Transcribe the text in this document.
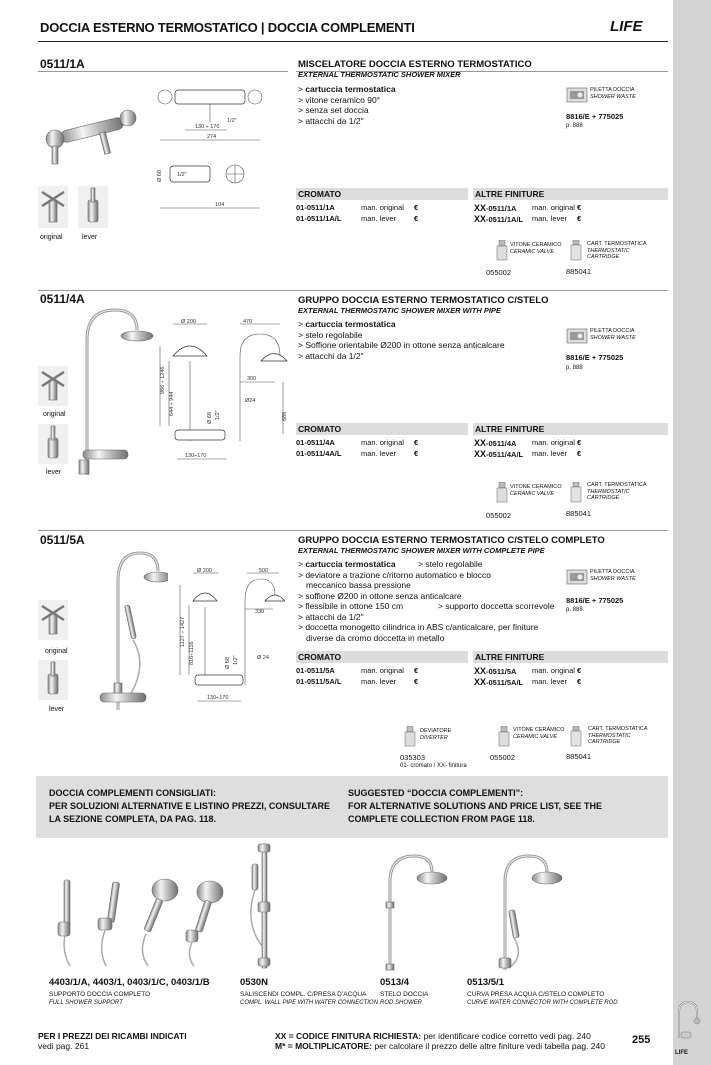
DOCCIA ESTERNO TERMOSTATICO | DOCCIA COMPLEMENTI	LIFE
0511/1A
130 ÷ 170
274
1/2"
Ø 68	1/2"
104
original	lever
MISCELATORE DOCCIA ESTERNO TERMOSTATICO
EXTERNAL THERMOSTATIC SHOWER MIXER
> cartuccia termostatica
> vitone ceramico 90°
> senza set doccia
> attacchi da 1/2"
PILETTA DOCCIA
SHOWER WASTE
8816/E + 775025
p. 888
CROMATO	ALTRE FINITURE
01-0511/1A	man. original €
01-0511/1A/L	man. lever €
XX-0511/1A man. original €
XX-0511/1A/L man. lever €
VITONE CERAMICO
CERAMIC VALVE
055002
CART. TERMOSTATICA
THERMOSTATIC
CARTRIDGE
885041
0511/4A
Ø 200	470
966 ÷ 1246
644 ÷ 944
300
Ø24
686
Ø 68 1/2"
130÷170
original
lever
GRUPPO DOCCIA ESTERNO TERMOSTATICO C/STELO
EXTERNAL THERMOSTATIC SHOWER MIXER WITH PIPE
> cartuccia termostatica
> stelo regolabile
> Soffione orientabile Ø200 in ottone senza anticalcare
> attacchi da 1/2"
PILETTA DOCCIA
SHOWER WASTE
8816/E + 775025
p. 888
CROMATO	ALTRE FINITURE
01-0511/4A	man. original €
01-0511/4A/L	man. lever €
XX-0511/4A man. original €
XX-0511/4A/L man. lever €
VITONE CERAMICO
CERAMIC VALVE
055002
CART. TERMOSTATICA
THERMOSTATIC
CARTRIDGE
885041
0511/5A
Ø 200	500
1127 ÷ 1427
816÷1116
330
Ø 24
Ø 68 1/2"
130÷170
original
lever
GRUPPO DOCCIA ESTERNO TERMOSTATICO C/STELO COMPLETO
EXTERNAL THERMOSTATIC SHOWER MIXER WITH COMPLETE PIPE
> cartuccia termostatica	> stelo regolabile
> deviatore a trazione c/ritorno automatico e blocco
meccanico bassa pressione
> soffione Ø200 in ottone senza anticalcare
> flessibile in ottone 150 cm	> supporto doccetta scorrevole
> attacchi da 1/2"
> doccetta monogetto cilindrica in ABS c/anticalcare, per finiture
diverse da cromo doccetta in metallo
PILETTA DOCCIA
SHOWER WASTE
8816/E + 775025
p. 888
CROMATO	ALTRE FINITURE
01-0511/5A	man. original €
01-0511/5A/L	man. lever €
XX-0511/5A man. original €
XX-0511/5A/L man. lever €
DEVIATORE
DIVERTER
035303
01- cromato / XX- finitura
VITONE CERAMICO
CERAMIC VALVE
055002
CART. TERMOSTATICA
THERMOSTATIC
CARTRIDGE
885041
DOCCIA COMPLEMENTI CONSIGLIATI:
PER SOLUZIONI ALTERNATIVE E LISTINO PREZZI, CONSULTARE
LA SEZIONE COMPLETA, DA PAG. 118.
SUGGESTED “DOCCIA COMPLEMENTI”:
FOR ALTERNATIVE SOLUTIONS AND PRICE LIST, SEE THE
COMPLETE COLLECTION FROM PAGE 118.
4403/1/A, 4403/1, 0403/1/C, 0403/1/B
SUPPORTO DOCCIA COMPLETO
FULL SHOWER SUPPORT
0530N
SALISCENDI COMPL. C/PRESA D’ACQUA
COMPL. WALL PIPE WITH WATER CONNECTION
0513/4
STELO DOCCIA
ROD SHOWER
0513/5/1
CURVA PRESA ACQUA C/STELO COMPLETO
CURVE WATER CONNECTOR WITH COMPLETE ROD
PER I PREZZI DEI RICAMBI INDICATI
vedi pag. 261
XX = CODICE FINITURA RICHIESTA: per identificare codice corretto vedi pag. 240
M* = MOLTIPLICATORE: per calcolare il prezzo delle altre finiture vedi tabella pag. 240 255
LIFE
